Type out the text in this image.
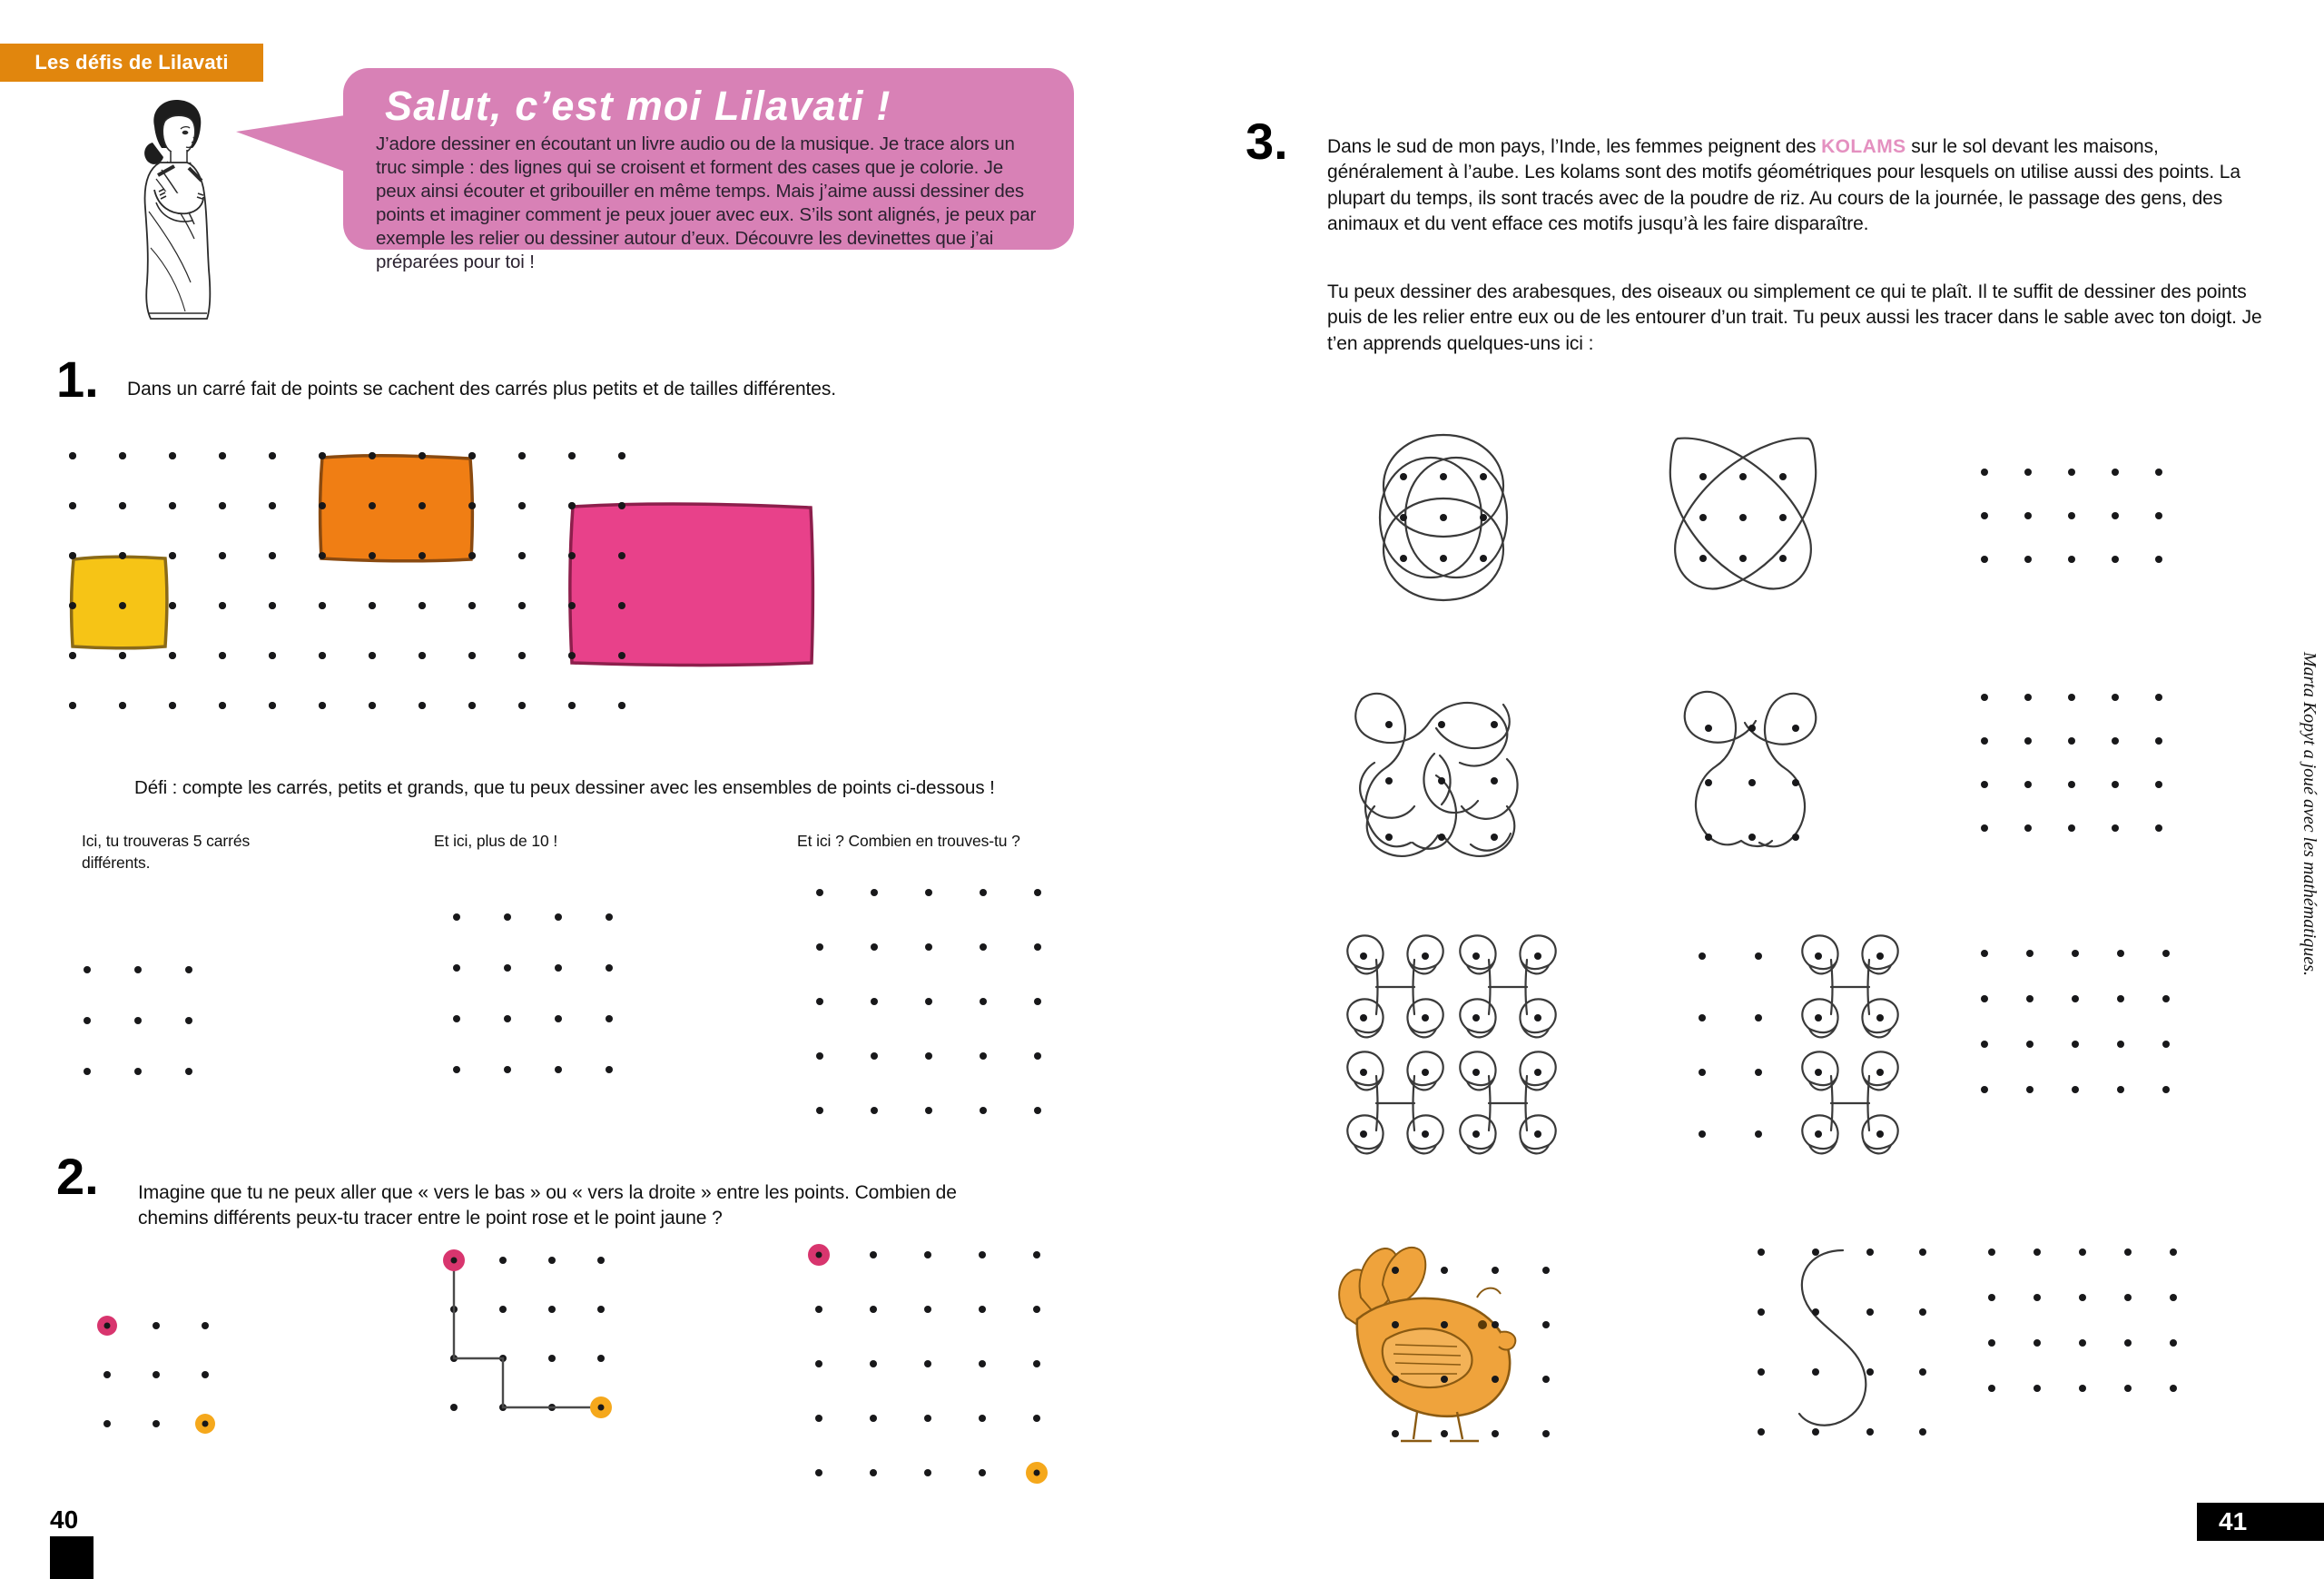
Les défis de Lilavati
Salut, c’est moi Lilavati !
J’adore dessiner en écoutant un livre audio ou de la musique. Je trace alors un truc simple : des lignes qui se croisent et forment des cases que je colorie. Je peux ainsi écouter et gribouiller en même temps. Mais j’aime aussi dessiner des points et imaginer comment je peux jouer avec eux. S’ils sont alignés, je peux par exemple les relier ou dessiner autour d’eux. Découvre les devinettes que j’ai préparées pour toi !
1. Dans un carré fait de points se cachent des carrés plus petits et de tailles différentes.
Défi : compte les carrés, petits et grands, que tu peux dessiner avec les ensembles de points ci-dessous !
Ici, tu trouveras 5 carrés différents.
Et ici, plus de 10 !	Et ici ? Combien en trouves-tu ?
2. Imagine que tu ne peux aller que « vers le bas » ou « vers la droite » entre les points. Combien de chemins différents peux-tu tracer entre le point rose et le point jaune ?
3. Dans le sud de mon pays, l’Inde, les femmes peignent des KOLAMS sur le sol devant les maisons, généralement à l’aube. Les kolams sont des motifs géométriques pour lesquels on utilise aussi des points. La plupart du temps, ils sont tracés avec de la poudre de riz. Au cours de la journée, le passage des gens, des animaux et du vent efface ces motifs jusqu’à les faire disparaître.
Tu peux dessiner des arabesques, des oiseaux ou simplement ce qui te plaît. Il te suffit de dessiner des points puis de les relier entre eux ou de les entourer d’un trait. Tu peux aussi les tracer dans le sable avec ton doigt. Je t’en apprends quelques-uns ici :
Marta Kopyt a joué avec les mathématiques.
40	41
